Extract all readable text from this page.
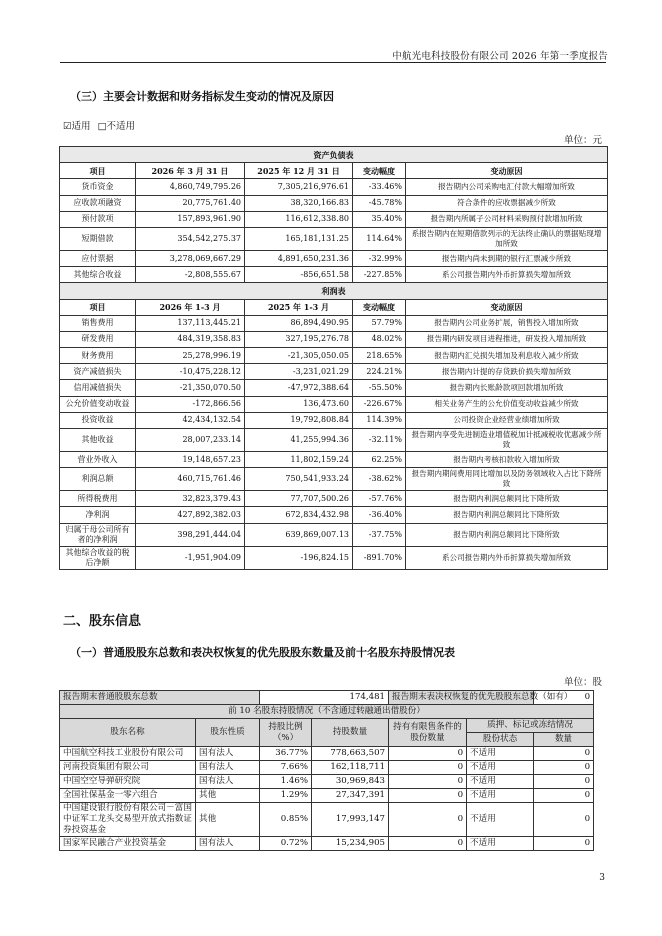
中航光电科技股份有限公司 2026 年第一季度报告
（三）主要会计数据和财务指标发生变动的情况及原因
☑适用 □不适用
单位：元
资产负债表				
项目	2026 年 3 月 31 日	2025 年 12 月 31 日	变动幅度	变动原因
货币资金	4,860,749,795.26	7,305,216,976.61	-33.46%	报告期内公司采购电汇付款大幅增加所致
应收款项融资	20,775,761.40	38,320,166.83	-45.78%	符合条件的应收票据减少所致
预付款项	157,893,961.90	116,612,338.80	35.40%	报告期内所属子公司材料采购预付款增加所致
短期借款	354,542,275.37	165,181,131.25	114.64%	系报告期内在短期借款列示的无法终止确认的票据贴现增加所致
应付票据	3,278,069,667.29	4,891,650,231.36	-32.99%	报告期内尚未到期的银行汇票减少所致
其他综合收益	-2,808,555.67	-856,651.58	-227.85%	系公司报告期内外币折算损失增加所致
利润表				
项目	2026 年 1-3 月	2025 年 1-3 月	变动幅度	变动原因
销售费用	137,113,445.21	86,894,490.95	57.79%	报告期内公司业务扩展，销售投入增加所致
研发费用	484,319,358.83	327,195,276.78	48.02%	报告期内研发项目进程推进，研发投入增加所致
财务费用	25,278,996.19	-21,305,050.05	218.65%	报告期内汇兑损失增加及利息收入减少所致
资产减值损失	-10,475,228.12	-3,231,021.29	224.21%	报告期内计提的存货跌价损失增加所致
信用减值损失	-21,350,070.50	-47,972,388.64	-55.50%	报告期内长账龄款项回款增加所致
公允价值变动收益	-172,866.56	136,473.60	-226.67%	相关业务产生的公允价值变动收益减少所致
投资收益	42,434,132.54	19,792,808.84	114.39%	公司投资企业经营业绩增加所致
其他收益	28,007,233.14	41,255,994.36	-32.11%	报告期内享受先进制造业增值税加计抵减税收优惠减少所致
营业外收入	19,148,657.23	11,802,159.24	62.25%	报告期内考核扣款收入增加所致
利润总额	460,715,761.46	750,541,933.24	-38.62%	报告期内期间费用同比增加以及防务领域收入占比下降所致
所得税费用	32,823,379.43	77,707,500.26	-57.76%	报告期内利润总额同比下降所致
净利润	427,892,382.03	672,834,432.98	-36.40%	报告期内利润总额同比下降所致
归属于母公司所有者的净利润	398,291,444.04	639,869,007.13	-37.75%	报告期内利润总额同比下降所致
其他综合收益的税后净额	-1,951,904.09	-196,824.15	-891.70%	系公司报告期内外币折算损失增加所致
二、股东信息
（一）普通股股东总数和表决权恢复的优先股股东数量及前十名股东持股情况表
单位：股
报告期末普通股股东总数		174,481		报告期末表决权恢复的优先股股东总数（如有）		0
前 10 名股东持股情况（不含通过转融通出借股份）						
股东名称	股东性质	持股比例（%）	持股数量	持有有限售条件的股份数量	质押、标记或冻结情况	
					股份状态	数量
中国航空科技工业股份有限公司	国有法人	36.77%	778,663,507	0	不适用	0
河南投资集团有限公司	国有法人	7.66%	162,118,711	0	不适用	0
中国空空导弹研究院	国有法人	1.46%	30,969,843	0	不适用	0
全国社保基金一零六组合	其他	1.29%	27,347,391	0	不适用	0
中国建设银行股份有限公司－富国中证军工龙头交易型开放式指数证券投资基金	其他	0.85%	17,993,147	0	不适用	0
国家军民融合产业投资基金	国有法人	0.72%	15,234,905	0	不适用	0
3
